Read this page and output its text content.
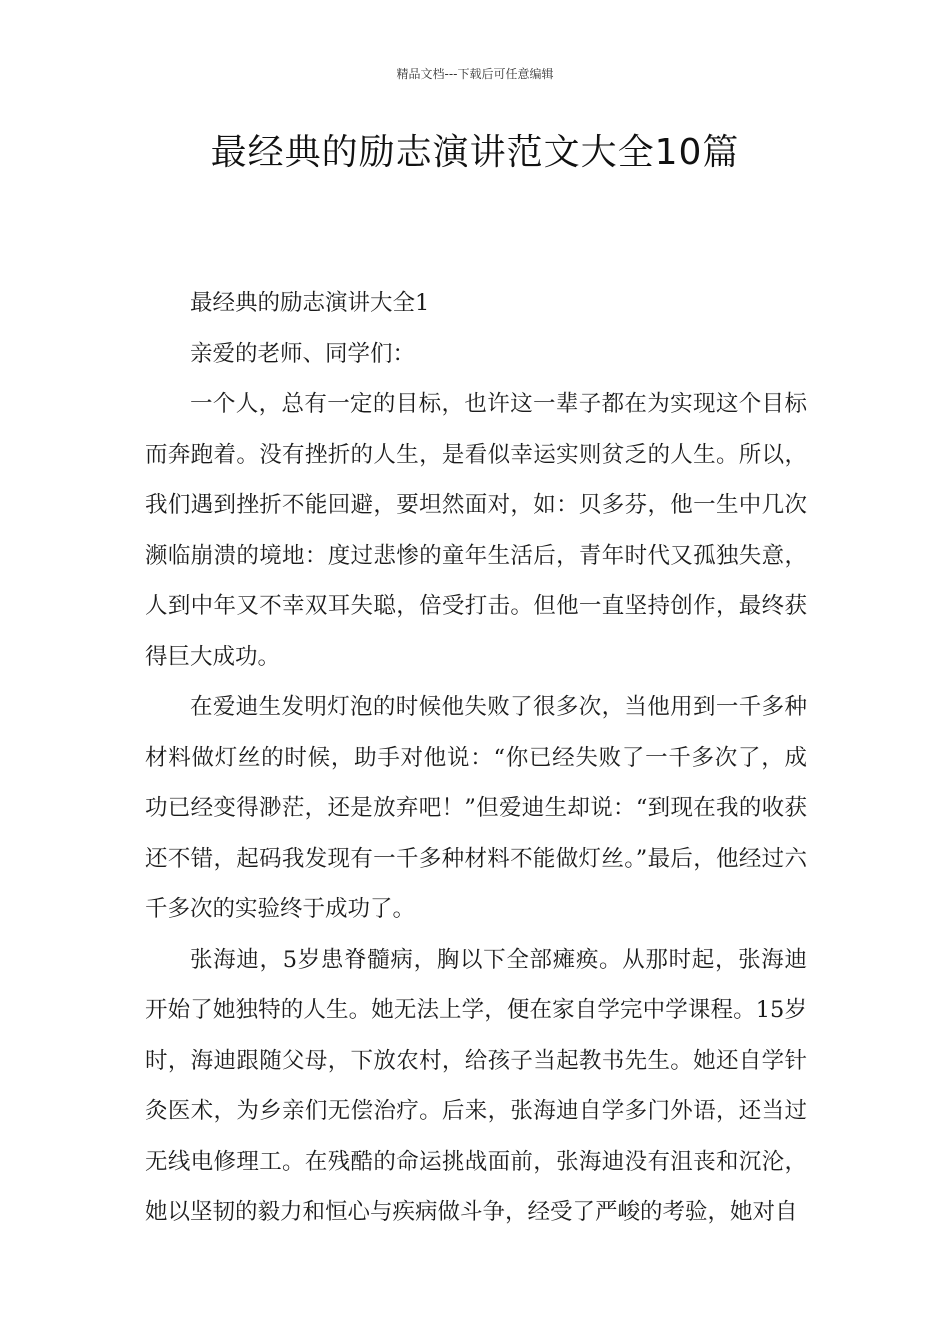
精品文档---下载后可任意编辑
最经典的励志演讲范文大全10篇

最经典的励志演讲大全1

亲爱的老师、同学们：

一个人，总有一定的目标，也许这一辈子都在为实现这个目标而奔跑着。没有挫折的人生，是看似幸运实则贫乏的人生。所以，我们遇到挫折不能回避，要坦然面对，如：贝多芬，他一生中几次濒临崩溃的境地：度过悲惨的童年生活后，青年时代又孤独失意，人到中年又不幸双耳失聪，倍受打击。但他一直坚持创作，最终获得巨大成功。

在爱迪生发明灯泡的时候他失败了很多次，当他用到一千多种材料做灯丝的时候，助手对他说：“你已经失败了一千多次了，成功已经变得渺茫，还是放弃吧！”但爱迪生却说：“到现在我的收获还不错，起码我发现有一千多种材料不能做灯丝。”最后，他经过六千多次的实验终于成功了。

张海迪，5岁患脊髓病，胸以下全部瘫痪。从那时起，张海迪开始了她独特的人生。她无法上学，便在家自学完中学课程。15岁时，海迪跟随父母，下放农村，给孩子当起教书先生。她还自学针灸医术，为乡亲们无偿治疗。后来，张海迪自学多门外语，还当过无线电修理工。在残酷的命运挑战面前，张海迪没有沮丧和沉沦，她以坚韧的毅力和恒心与疾病做斗争，经受了严峻的考验，她对自
